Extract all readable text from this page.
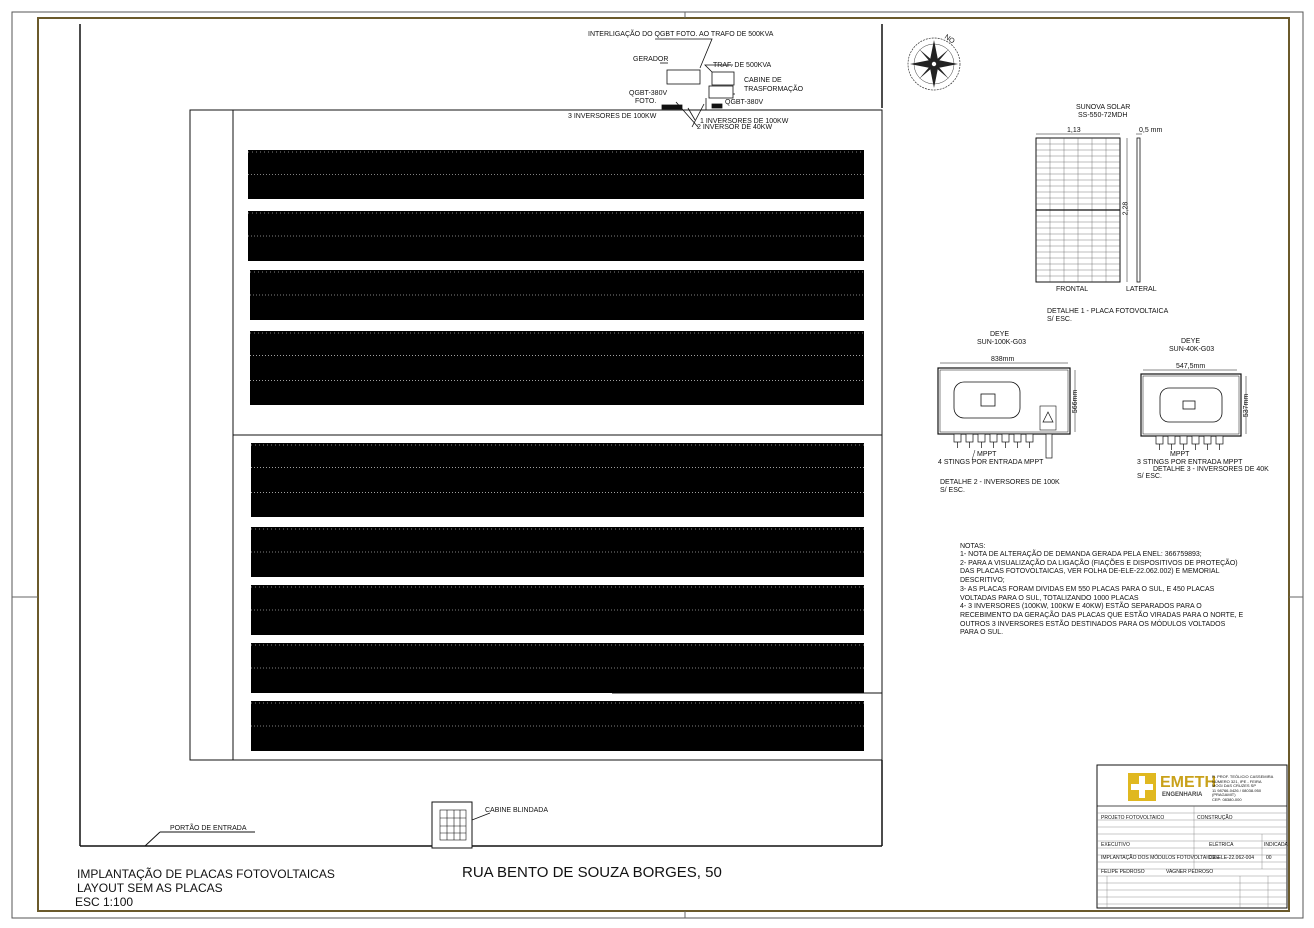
INTERLIGAÇÃO DO QGBT FOTO. AO TRAFO DE 500KVA
GERADOR
TRAF. DE 500KVA
CABINE DE
TRASFORMAÇÃO
QGBT-380V
FOTO.	QGBT-380V
3 INVERSORES DE 100KW
1 INVERSORES DE 100KW
2 INVERSOR DE 40KW
NO
PORTÃO DE ENTRADA
CABINE BLINDADA
IMPLANTAÇÃO DE PLACAS FOTOVOLTAICAS
LAYOUT SEM AS PLACAS
ESC 1:100
RUA BENTO DE SOUZA BORGES, 50
SUNOVA SOLAR
SS-550-72MDH
1,13	0,5 mm
2,28
FRONTAL	LATERAL
DETALHE 1 - PLACA FOTOVOLTAICA
S/ ESC.
DEYE
SUN-100K-G03
838mm
566mm
MPPT
4 STINGS POR ENTRADA MPPT
DETALHE 2 - INVERSORES DE 100K
S/ ESC.
DEYE
SUN-40K-G03
547,5mm
537mm
MPPT
3 STINGS POR ENTRADA MPPT
DETALHE 3 - INVERSORES DE 40K
S/ ESC.
NOTAS:
1- NOTA DE ALTERAÇÃO DE DEMANDA GERADA PELA ENEL: 366759893;
2- PARA A VISUALIZAÇÃO DA LIGAÇÃO (FIAÇÕES E DISPOSITIVOS DE PROTEÇÃO)
DAS PLACAS FOTOVOLTAICAS, VER FOLHA DE-ELE-22.062.002) E MEMORIAL
DESCRITIVO;
3- AS PLACAS FORAM DIVIDAS EM 550 PLACAS PARA O SUL, E 450 PLACAS
VOLTADAS PARA O SUL, TOTALIZANDO 1000 PLACAS
4- 3 INVERSORES (100KW, 100KW E 40KW) ESTÃO SEPARADOS PARA O
RECEBIMENTO DA GERAÇÃO DAS PLACAS QUE ESTÃO VIRADAS PARA O NORTE, E
OUTROS 3 INVERSORES ESTÃO DESTINADOS PARA OS MÓDULOS VOLTADOS
PARA O SUL.
EMETH
ENGENHARIA
R. PROF. TEÓLICIO CASSEMIRA
NÚMERO 321, IPE - FEIRA
MOGI DAS CRUZES SP
11 98766-0426 / 08038-950
(PRAGAMIT)
CEP: 08380-000
PROJETO FOTOVOLTAICO	CONSTRUÇÃO
EXECUTIVO	ELÉTRICA	INDICADA
IMPLANTAÇÃO DOS MÓDULOS FOTOVOLTAICOS
DE-ELE-22.062-004 00
FELIPE PEDROSO	VAGNER PEDROSO
